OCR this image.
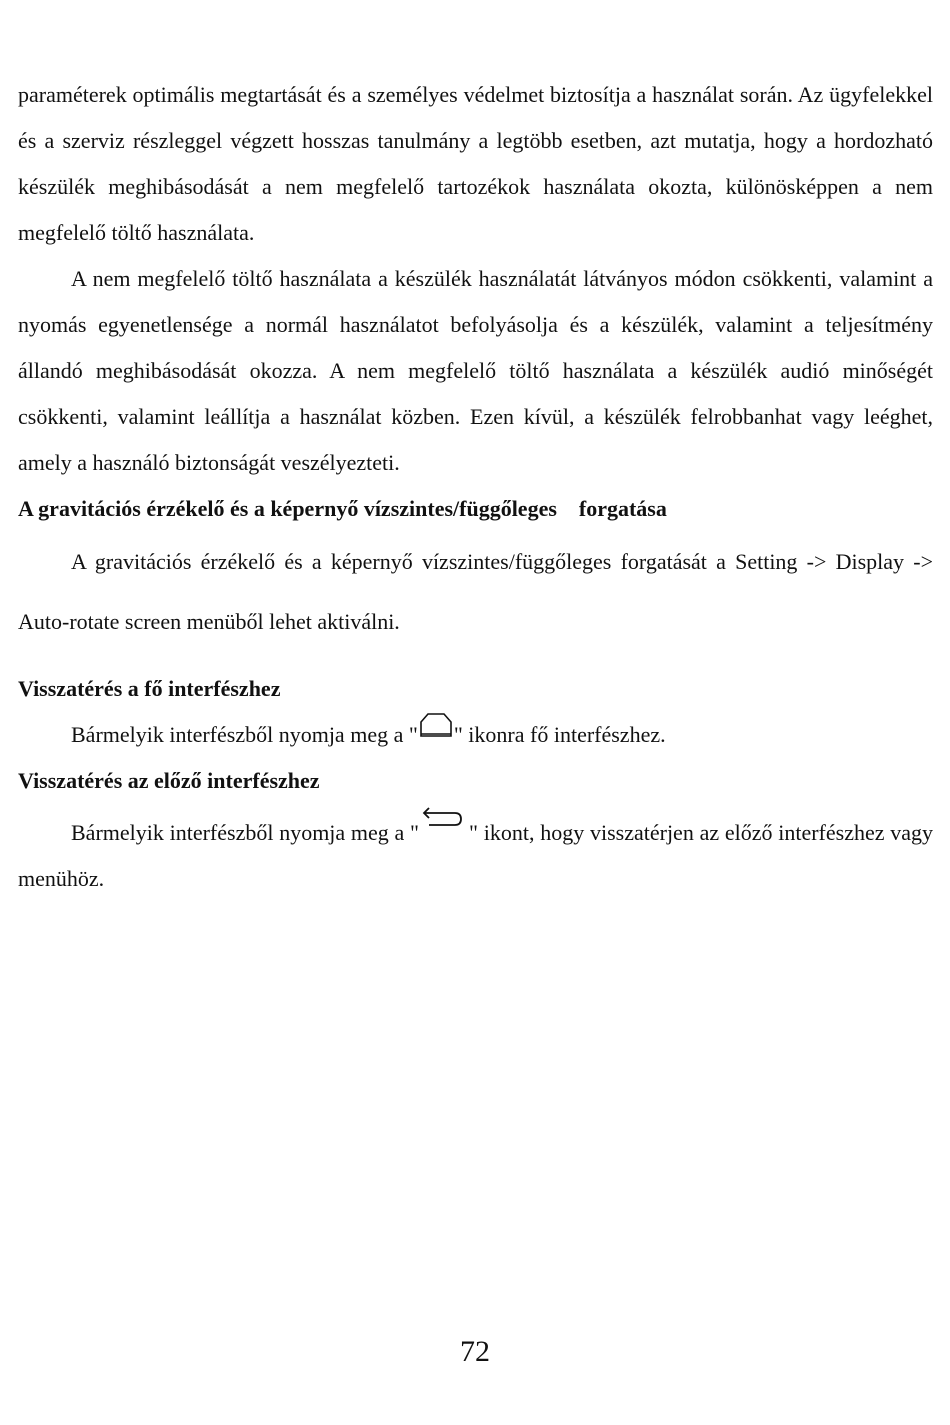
paraméterek optimális megtartását és a személyes védelmet biztosítja a használat során. Az ügyfelekkel és a szerviz részleggel végzett hosszas tanulmány a legtöbb esetben, azt mutatja, hogy a hordozható készülék meghibásodását a nem megfelelő tartozékok használata okozta, különösképpen a nem megfelelő töltő használata.

A nem megfelelő töltő használata a készülék használatát látványos módon csökkenti, valamint a nyomás egyenetlensége a normál használatot befolyásolja és a készülék, valamint a teljesítmény állandó meghibásodását okozza. A nem megfelelő töltő használata a készülék audió minőségét csökkenti, valamint leállítja a használat közben. Ezen kívül, a készülék felrobbanhat vagy leéghet, amely a használó biztonságát veszélyezteti.

A gravitációs érzékelő és a képernyő vízszintes/függőleges    forgatása

A gravitációs érzékelő és a képernyő vízszintes/függőleges forgatását a Setting -> Display -> Auto-rotate screen menüből lehet aktiválni.

Visszatérés a fő interfészhez

Bármelyik interfészből nyomja meg a " " ikonra fő interfészhez.

Visszatérés az előző interfészhez

Bármelyik interfészből nyomja meg a " " ikont, hogy visszatérjen az előző interfészhez vagy menühöz.

72
